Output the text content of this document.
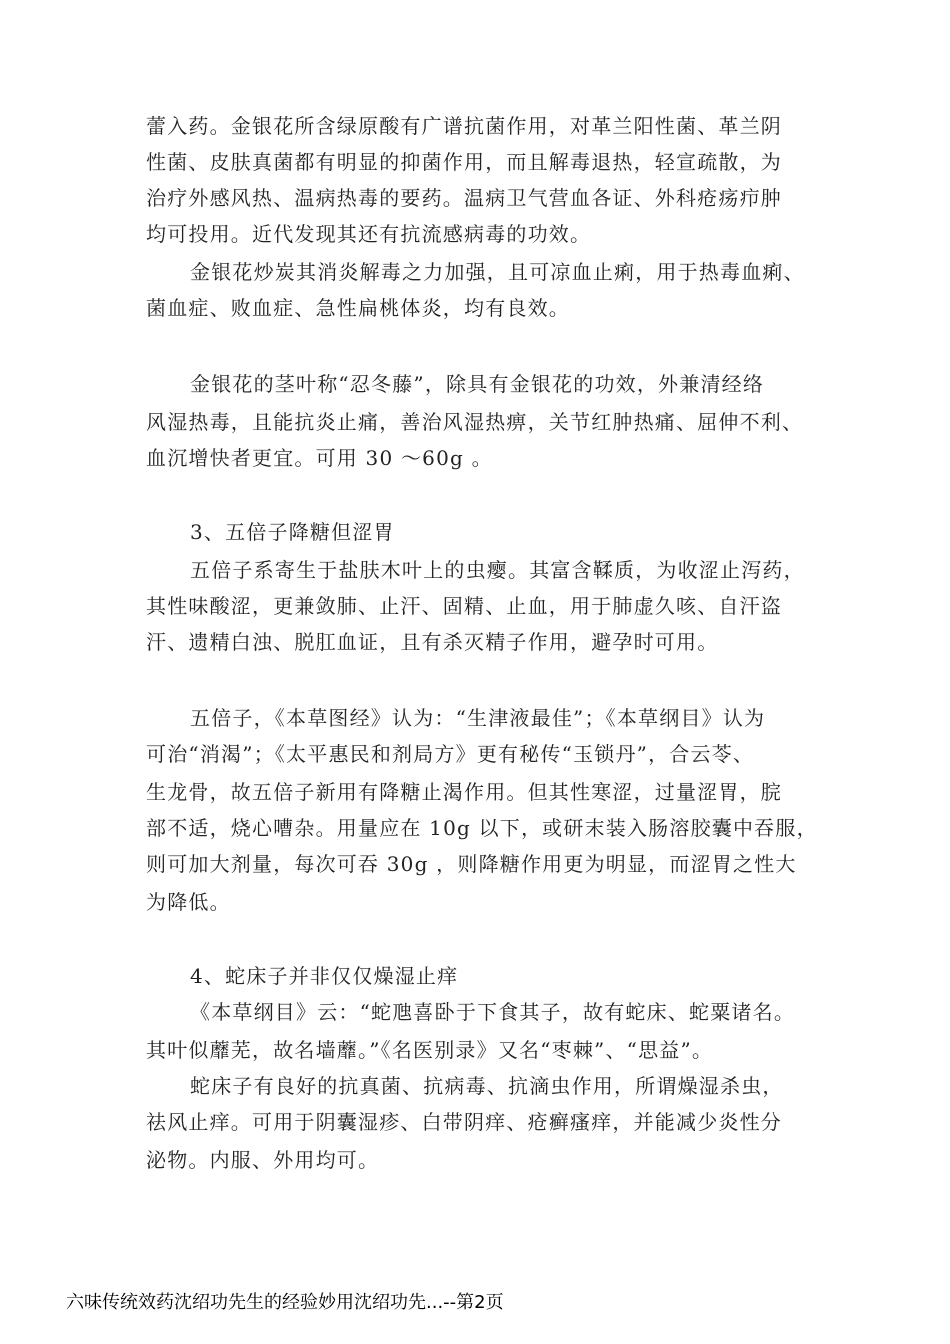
蕾入药。金银花所含绿原酸有广谱抗菌作用，对革兰阳性菌、革兰阴
性菌、皮肤真菌都有明显的抑菌作用，而且解毒退热，轻宣疏散，为
治疗外感风热、温病热毒的要药。温病卫气营血各证、外科疮疡疖肿
均可投用。近代发现其还有抗流感病毒的功效。
金银花炒炭其消炎解毒之力加强，且可凉血止痢，用于热毒血痢、
菌血症、败血症、急性扁桃体炎，均有良效。
金银花的茎叶称“忍冬藤”，除具有金银花的功效，外兼清经络
风湿热毒，且能抗炎止痛，善治风湿热痹，关节红肿热痛、屈伸不利、
血沉增快者更宜。可用 30 ～60g 。
3、五倍子降糖但涩胃
五倍子系寄生于盐肤木叶上的虫瘿。其富含鞣质，为收涩止泻药，
其性味酸涩，更兼敛肺、止汗、固精、止血，用于肺虚久咳、自汗盗
汗、遗精白浊、脱肛血证，且有杀灭精子作用，避孕时可用。
五倍子，《本草图经》认为：“生津液最佳”；《本草纲目》认为
可治“消渴”；《太平惠民和剂局方》更有秘传“玉锁丹”，合云苓、
生龙骨，故五倍子新用有降糖止渴作用。但其性寒涩，过量涩胃，脘
部不适，烧心嘈杂。用量应在 10g 以下，或研末装入肠溶胶囊中吞服，
则可加大剂量，每次可吞 30g ，则降糖作用更为明显，而涩胃之性大
为降低。
4、蛇床子并非仅仅燥湿止痒
《本草纲目》云：“蛇虺喜卧于下食其子，故有蛇床、蛇粟诸名。
其叶似蘼芜，故名墙蘼。”《名医别录》又名“枣棘”、“思益”。
蛇床子有良好的抗真菌、抗病毒、抗滴虫作用，所谓燥湿杀虫，
祛风止痒。可用于阴囊湿疹、白带阴痒、疮癣瘙痒，并能减少炎性分
泌物。内服、外用均可。
六味传统效药沈绍功先生的经验妙用沈绍功先...--第2页
